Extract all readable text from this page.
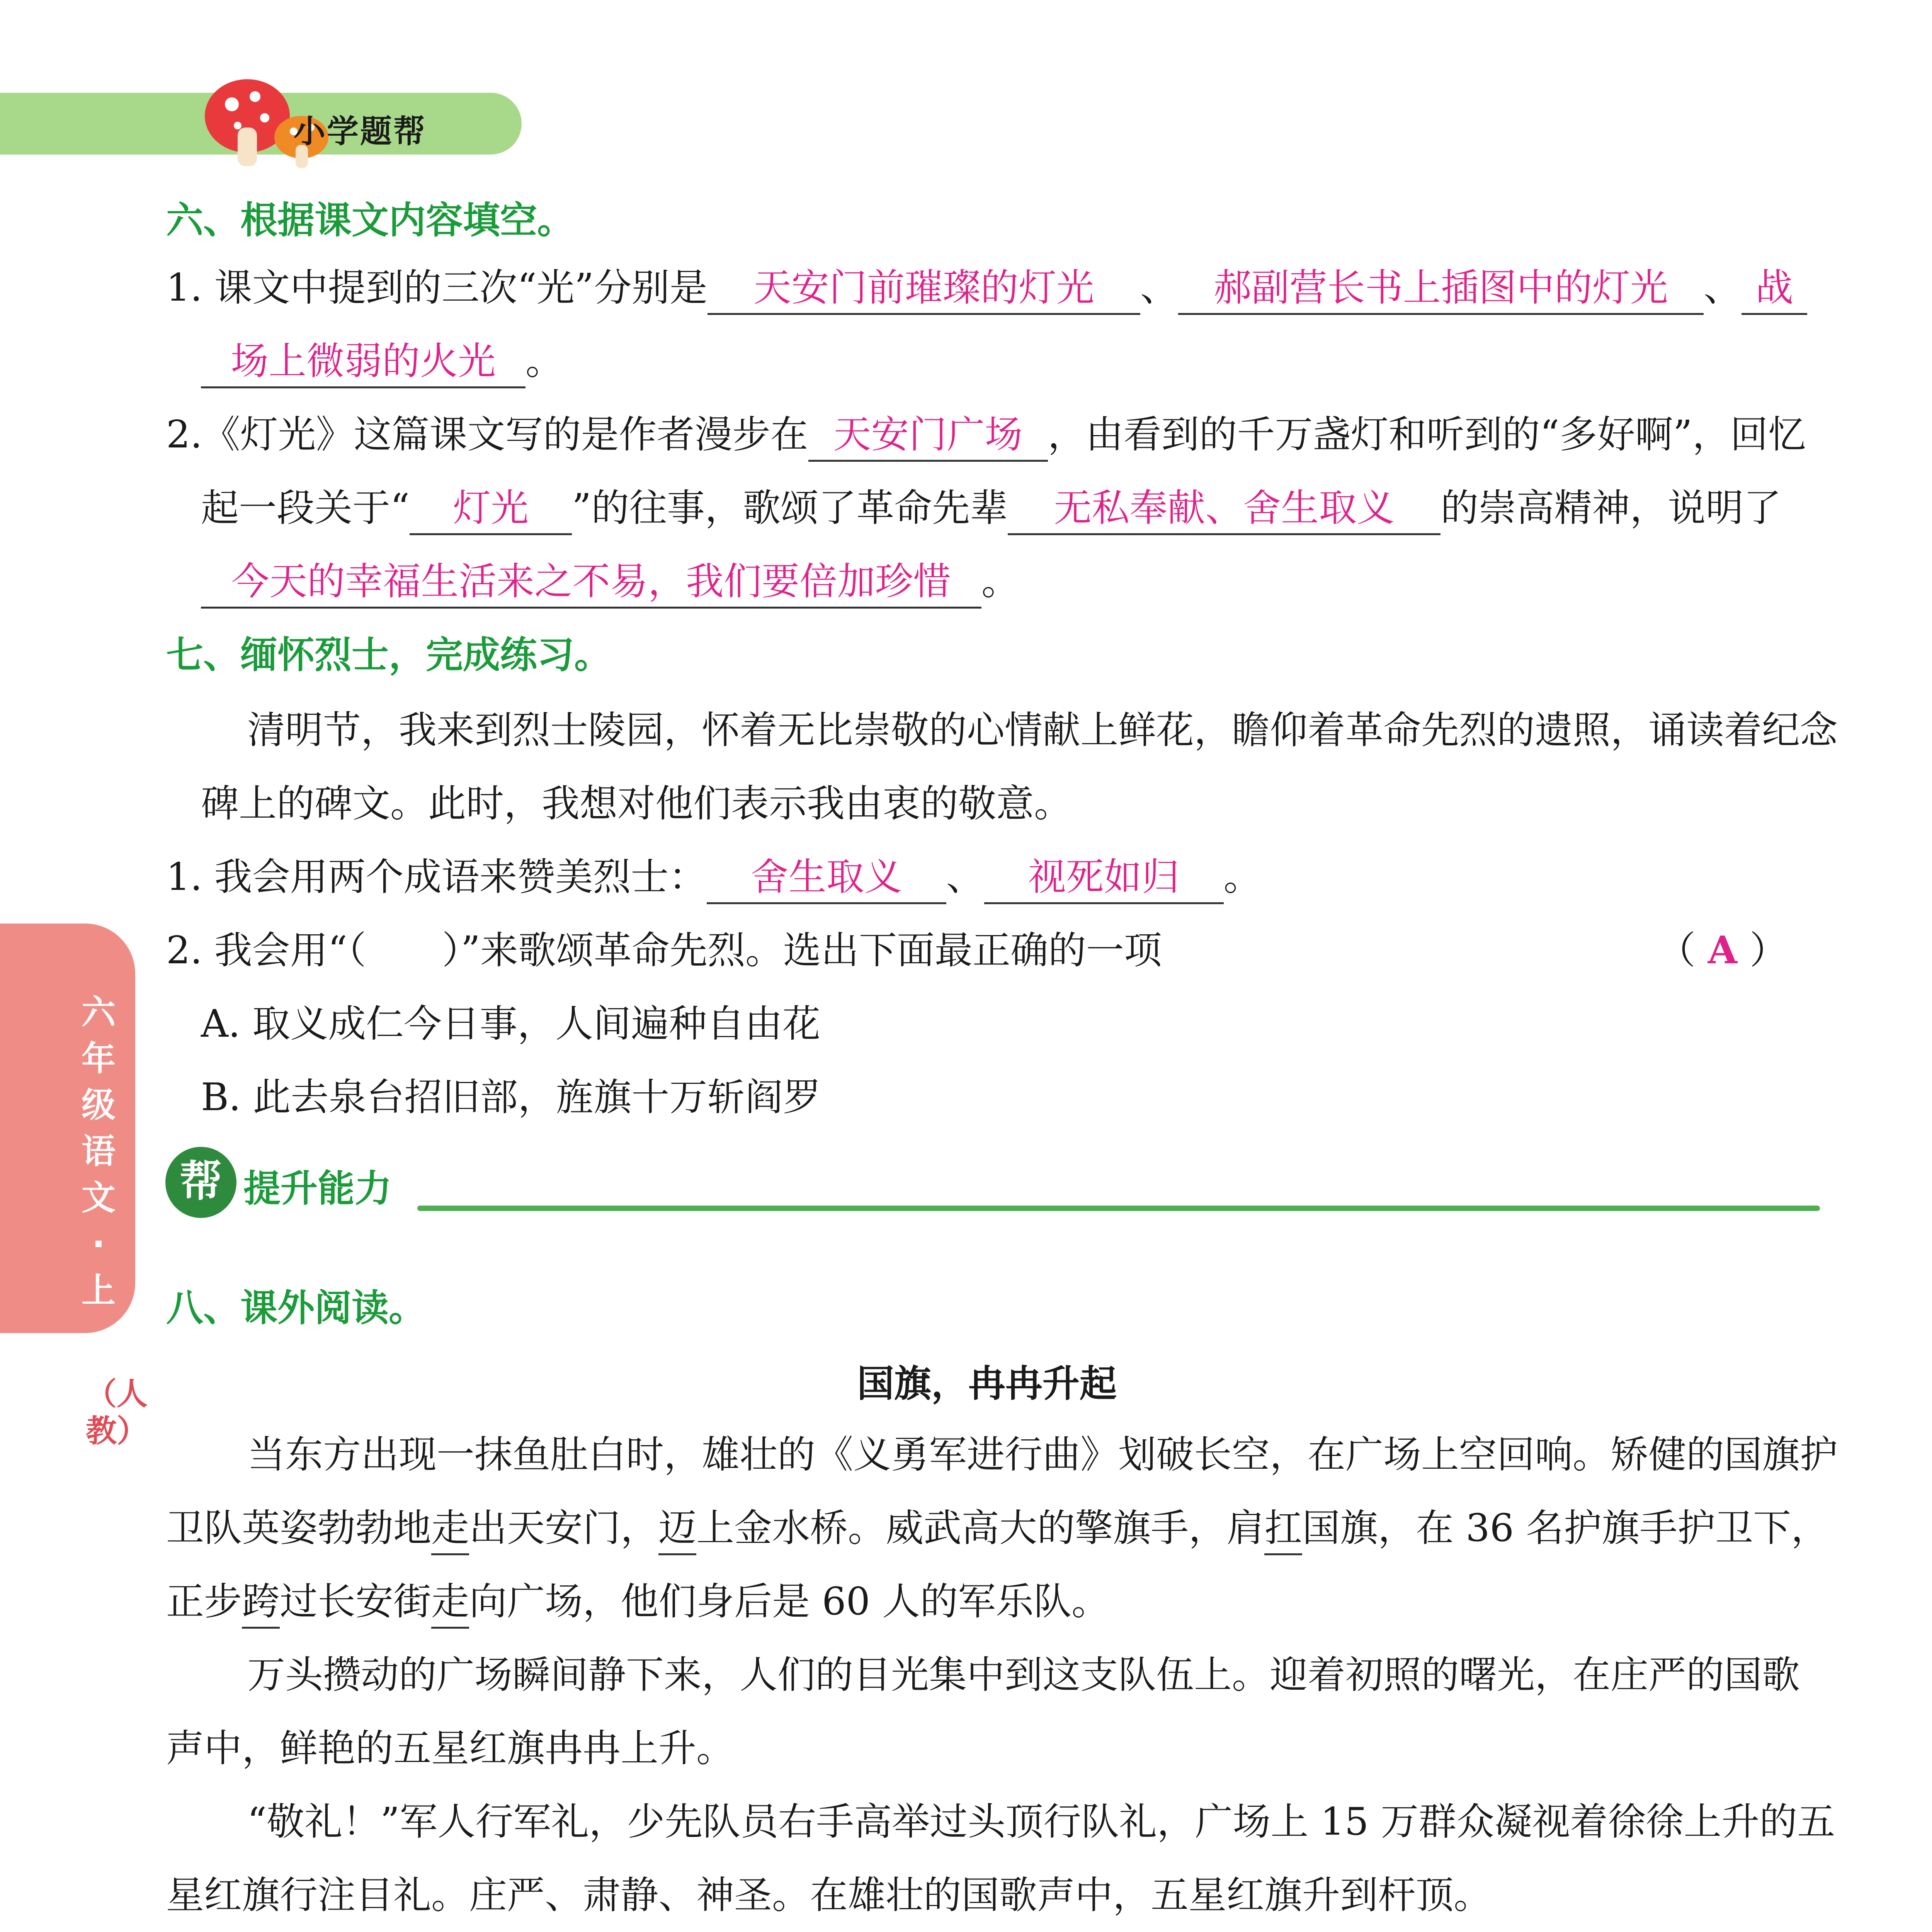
小学题帮
六年级语文·上
（人教）
六、根据课文内容填空。
1. 课文中提到的三次“光”分别是 天安门前璀璨的灯光 、 郝副营长书上插图中的灯光 、 战
场上微弱的火光 。
2.《灯光》这篇课文写的是作者漫步在 天安门广场 ，由看到的千万盏灯和听到的“多好啊”，回忆
起一段关于“ 灯光 ”的往事，歌颂了革命先辈 无私奉献、舍生取义 的崇高精神，说明了
今天的幸福生活来之不易，我们要倍加珍惜 。
七、缅怀烈士，完成练习。
清明节，我来到烈士陵园，怀着无比崇敬的心情献上鲜花，瞻仰着革命先烈的遗照，诵读着纪念
碑上的碑文。此时，我想对他们表示我由衷的敬意。
1. 我会用两个成语来赞美烈士： 舍生取义 、 视死如归 。
2. 我会用“（　　）”来歌颂革命先烈。选出下面最正确的一项	（ A ）
A. 取义成仁今日事，人间遍种自由花
B. 此去泉台招旧部，旌旗十万斩阎罗
帮 提升能力
八、课外阅读。
国旗，冉冉升起
当东方出现一抹鱼肚白时，雄壮的《义勇军进行曲》划破长空，在广场上空回响。矫健的国旗护
卫队英姿勃勃地走出天安门，迈上金水桥。威武高大的擎旗手，肩扛国旗，在 36 名护旗手护卫下，
正步跨过长安街走向广场，他们身后是 60 人的军乐队。
万头攒动的广场瞬间静下来，人们的目光集中到这支队伍上。迎着初照的曙光，在庄严的国歌
声中，鲜艳的五星红旗冉冉上升。
“敬礼！”军人行军礼，少先队员右手高举过头顶行队礼，广场上 15 万群众凝视着徐徐上升的五
星红旗行注目礼。庄严、肃静、神圣。在雄壮的国歌声中，五星红旗升到杆顶。
